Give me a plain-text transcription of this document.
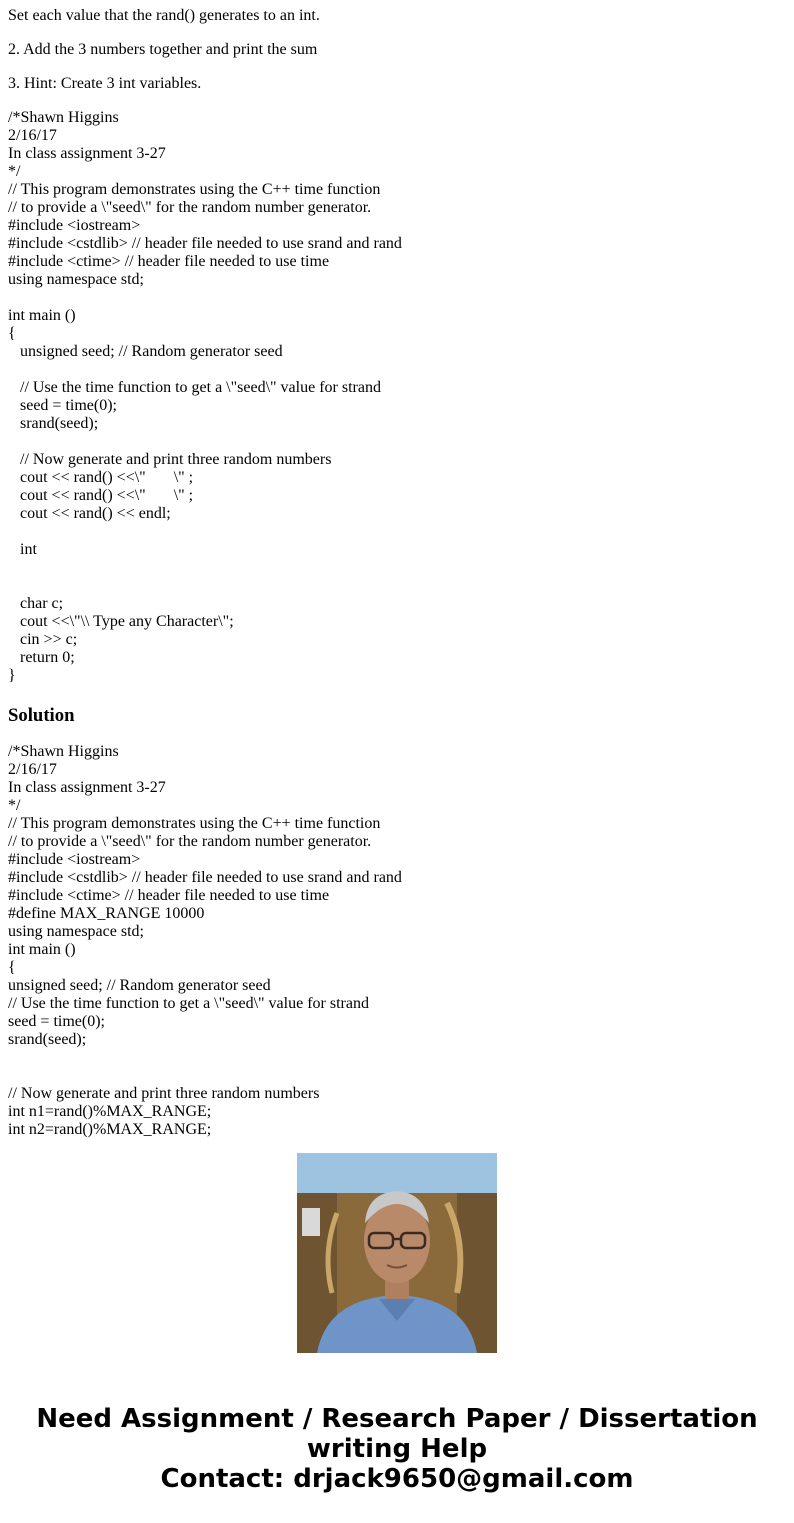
Set each value that the rand() generates to an int.

2. Add the 3 numbers together and print the sum

3. Hint: Create 3 int variables.

/*Shawn Higgins
2/16/17
In class assignment 3-27
*/
// This program demonstrates using the C++ time function
// to provide a \"seed\" for the random number generator.
#include <iostream>
#include <cstdlib> // header file needed to use srand and rand
#include <ctime> // header file needed to use time
using namespace std;
int main ()
{
unsigned seed; // Random generator seed
// Use the time function to get a \"seed\" value for strand
seed = time(0);
srand(seed);
// Now generate and print three random numbers
cout << rand() <<\"       \" ;
cout << rand() <<\"       \" ;
cout << rand() << endl;
int
char c;
cout <<\"\\ Type any Character\";
cin >> c;
return 0;
}
Solution
/*Shawn Higgins
2/16/17
In class assignment 3-27
*/
// This program demonstrates using the C++ time function
// to provide a \"seed\" for the random number generator.
#include <iostream>
#include <cstdlib> // header file needed to use srand and rand
#include <ctime> // header file needed to use time
#define MAX_RANGE 10000
using namespace std;
int main ()
{
unsigned seed; // Random generator seed
// Use the time function to get a \"seed\" value for strand
seed = time(0);
srand(seed);
// Now generate and print three random numbers
int n1=rand()%MAX_RANGE;
int n2=rand()%MAX_RANGE;
Need Assignment / Research Paper / Dissertation
writing Help
Contact: drjack9650@gmail.com
